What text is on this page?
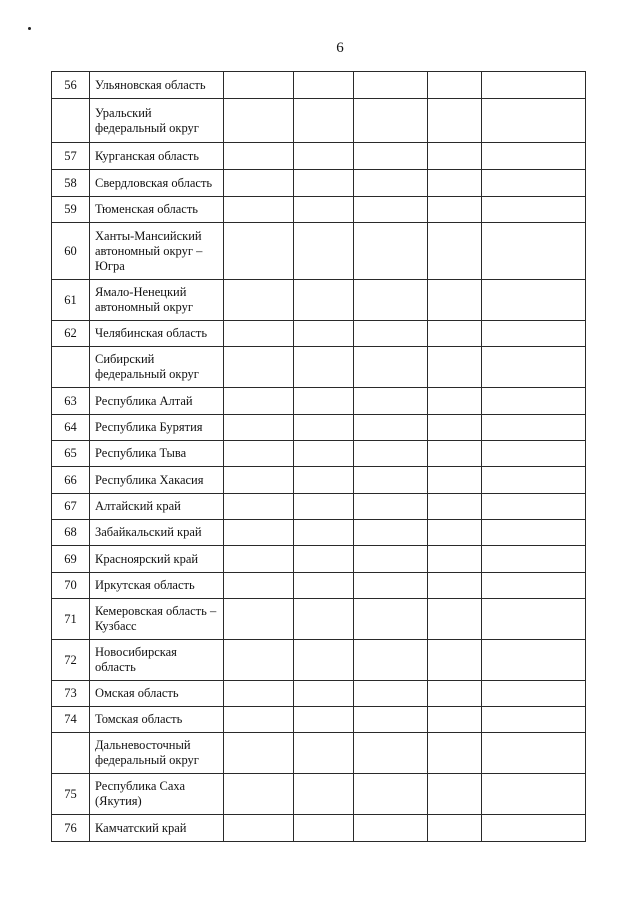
6
56	Ульяновская область					
	Уральский федеральный округ					
57	Курганская область					
58	Свердловская область					
59	Тюменская область					
60	Ханты-Мансийский автономный округ – Югра					
61	Ямало-Ненецкий автономный округ					
62	Челябинская область					
	Сибирский федеральный округ					
63	Республика Алтай					
64	Республика Бурятия					
65	Республика Тыва					
66	Республика Хакасия					
67	Алтайский край					
68	Забайкальский край					
69	Красноярский край					
70	Иркутская область					
71	Кемеровская область – Кузбасс					
72	Новосибирская область					
73	Омская область					
74	Томская область					
	Дальневосточный федеральный округ					
75	Республика Саха (Якутия)					
76	Камчатский край					
